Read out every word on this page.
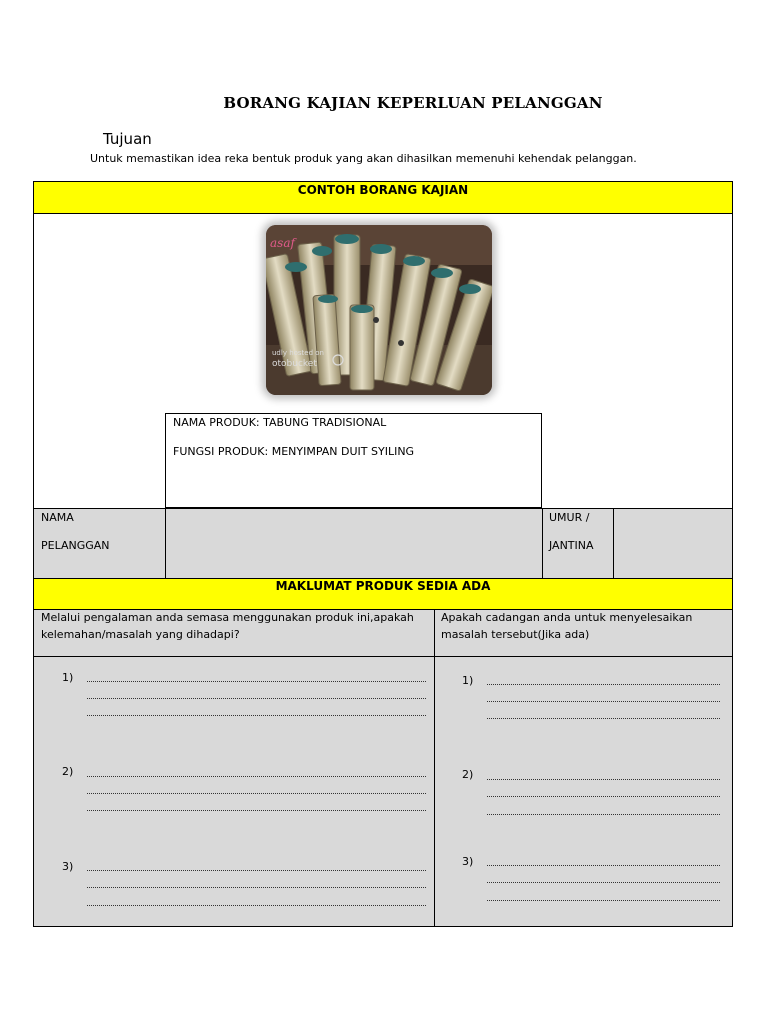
BORANG KAJIAN KEPERLUAN PELANGGAN
Tujuan
Untuk memastikan idea reka bentuk produk yang akan dihasilkan memenuhi kehendak pelanggan.
CONTOH BORANG KAJIAN
asaf
udly hosted on
otobucket
NAMA PRODUK: TABUNG TRADISIONAL
FUNGSI PRODUK: MENYIMPAN DUIT SYILING
NAMA
PELANGGAN
UMUR /
JANTINA
MAKLUMAT PRODUK SEDIA ADA
Melalui pengalaman anda semasa menggunakan produk ini,apakah kelemahan/masalah yang dihadapi?
Apakah cadangan anda untuk menyelesaikan masalah tersebut(Jika ada)
1)
2)
3)
1)
2)
3)
